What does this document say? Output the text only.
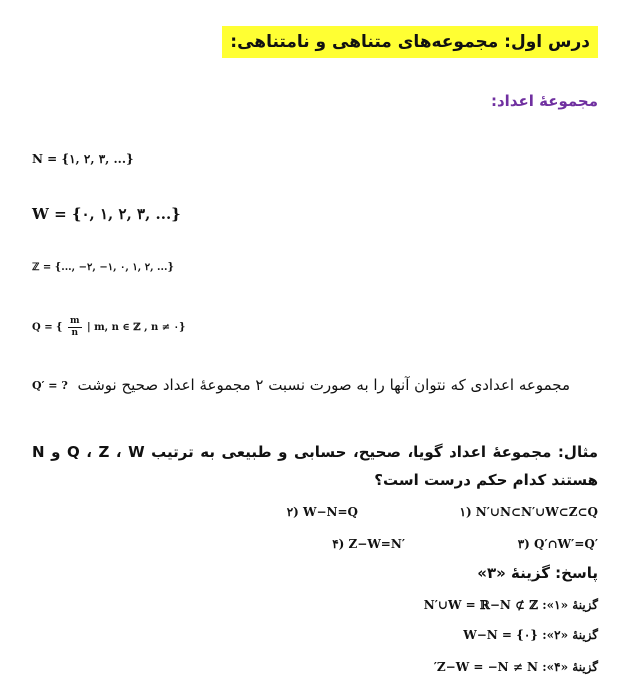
درس اول: مجموعه‌های متناهی و نامتناهی:
مجموعهٔ اعداد:
N = {۱, ۲, ۳, ...}
W = {۰, ۱, ۲, ۳, ...}
ℤ = {..., −۲, −۱, ۰, ۱, ۲, ...}
Q = { $\frac{m}{n}$ | m, n ∈ ℤ , n ≠ ۰}
مجموعه اعدادی که نتوان آنها را به صورت نسبت ۲ مجموعهٔ اعداد صحیح نوشت
Q′ = ?
مثال: مجموعهٔ اعداد گویا، صحیح، حسابی و طبیعی به ترتیب Q ، Z ، W و N هستند کدام حکم درست است؟
۱) N′∪N⊂N′∪W⊂Z⊂Q
۲) W−N=Q
۳) Q′∩W′=Q′
۴) Z−W=N′
پاسخ: گزینهٔ «۳»
گزینهٔ «۱»: N′∪W = ℝ−N ⊄ ℤ
گزینهٔ «۲»: W−N = {۰}
گزینهٔ «۴»: Z−W = −N ≠ N′
